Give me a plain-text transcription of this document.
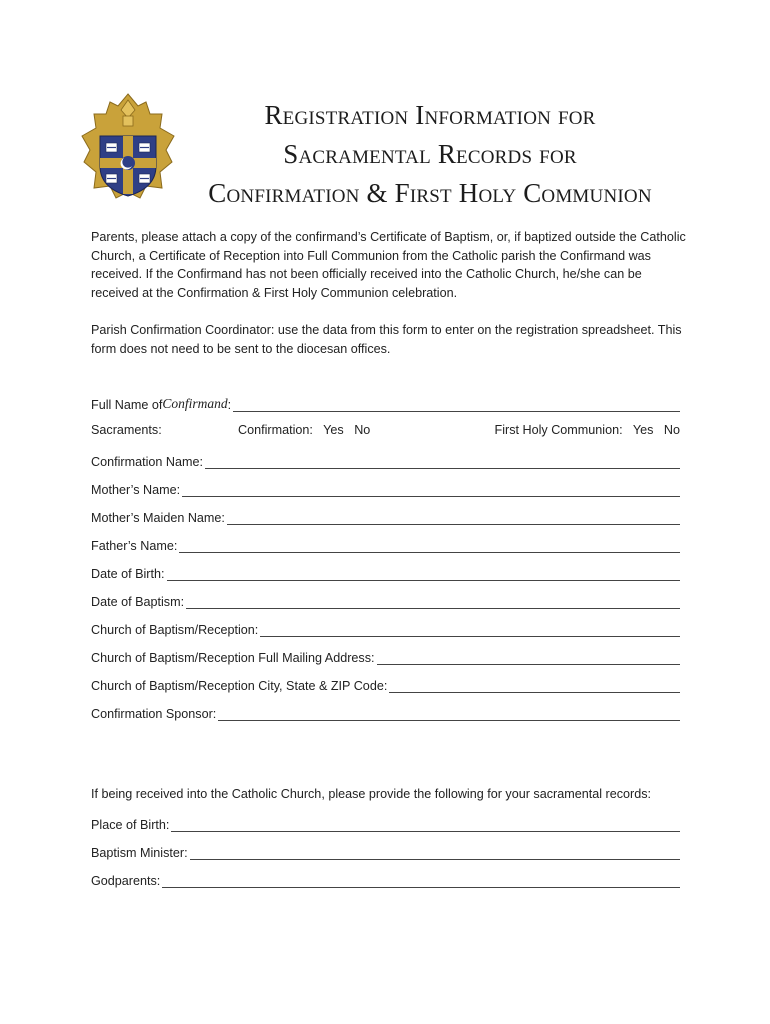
Registration Information for
Sacramental Records for
Confirmation & First Holy Communion
Parents, please attach a copy of the confirmand’s Certificate of Baptism, or, if baptized outside the Catholic Church, a Certificate of Reception into Full Communion from the Catholic parish the Confirmand was received. If the Confirmand has not been officially received into the Catholic Church, he/she can be received at the Confirmation & First Holy Communion celebration.
Parish Confirmation Coordinator: use the data from this form to enter on the registration spreadsheet. This form does not need to be sent to the diocesan offices.
Full Name of Confirmand :
Sacraments:	Confirmation:   Yes   No	First Holy Communion:   Yes   No
Confirmation Name:
Mother’s Name:
Mother’s Maiden Name:
Father’s Name:
Date of Birth:
Date of Baptism:
Church of Baptism/Reception:
Church of Baptism/Reception Full Mailing Address:
Church of Baptism/Reception City, State & ZIP Code:
Confirmation Sponsor:
If being received into the Catholic Church, please provide the following for your sacramental records:
Place of Birth:
Baptism Minister:
Godparents:
